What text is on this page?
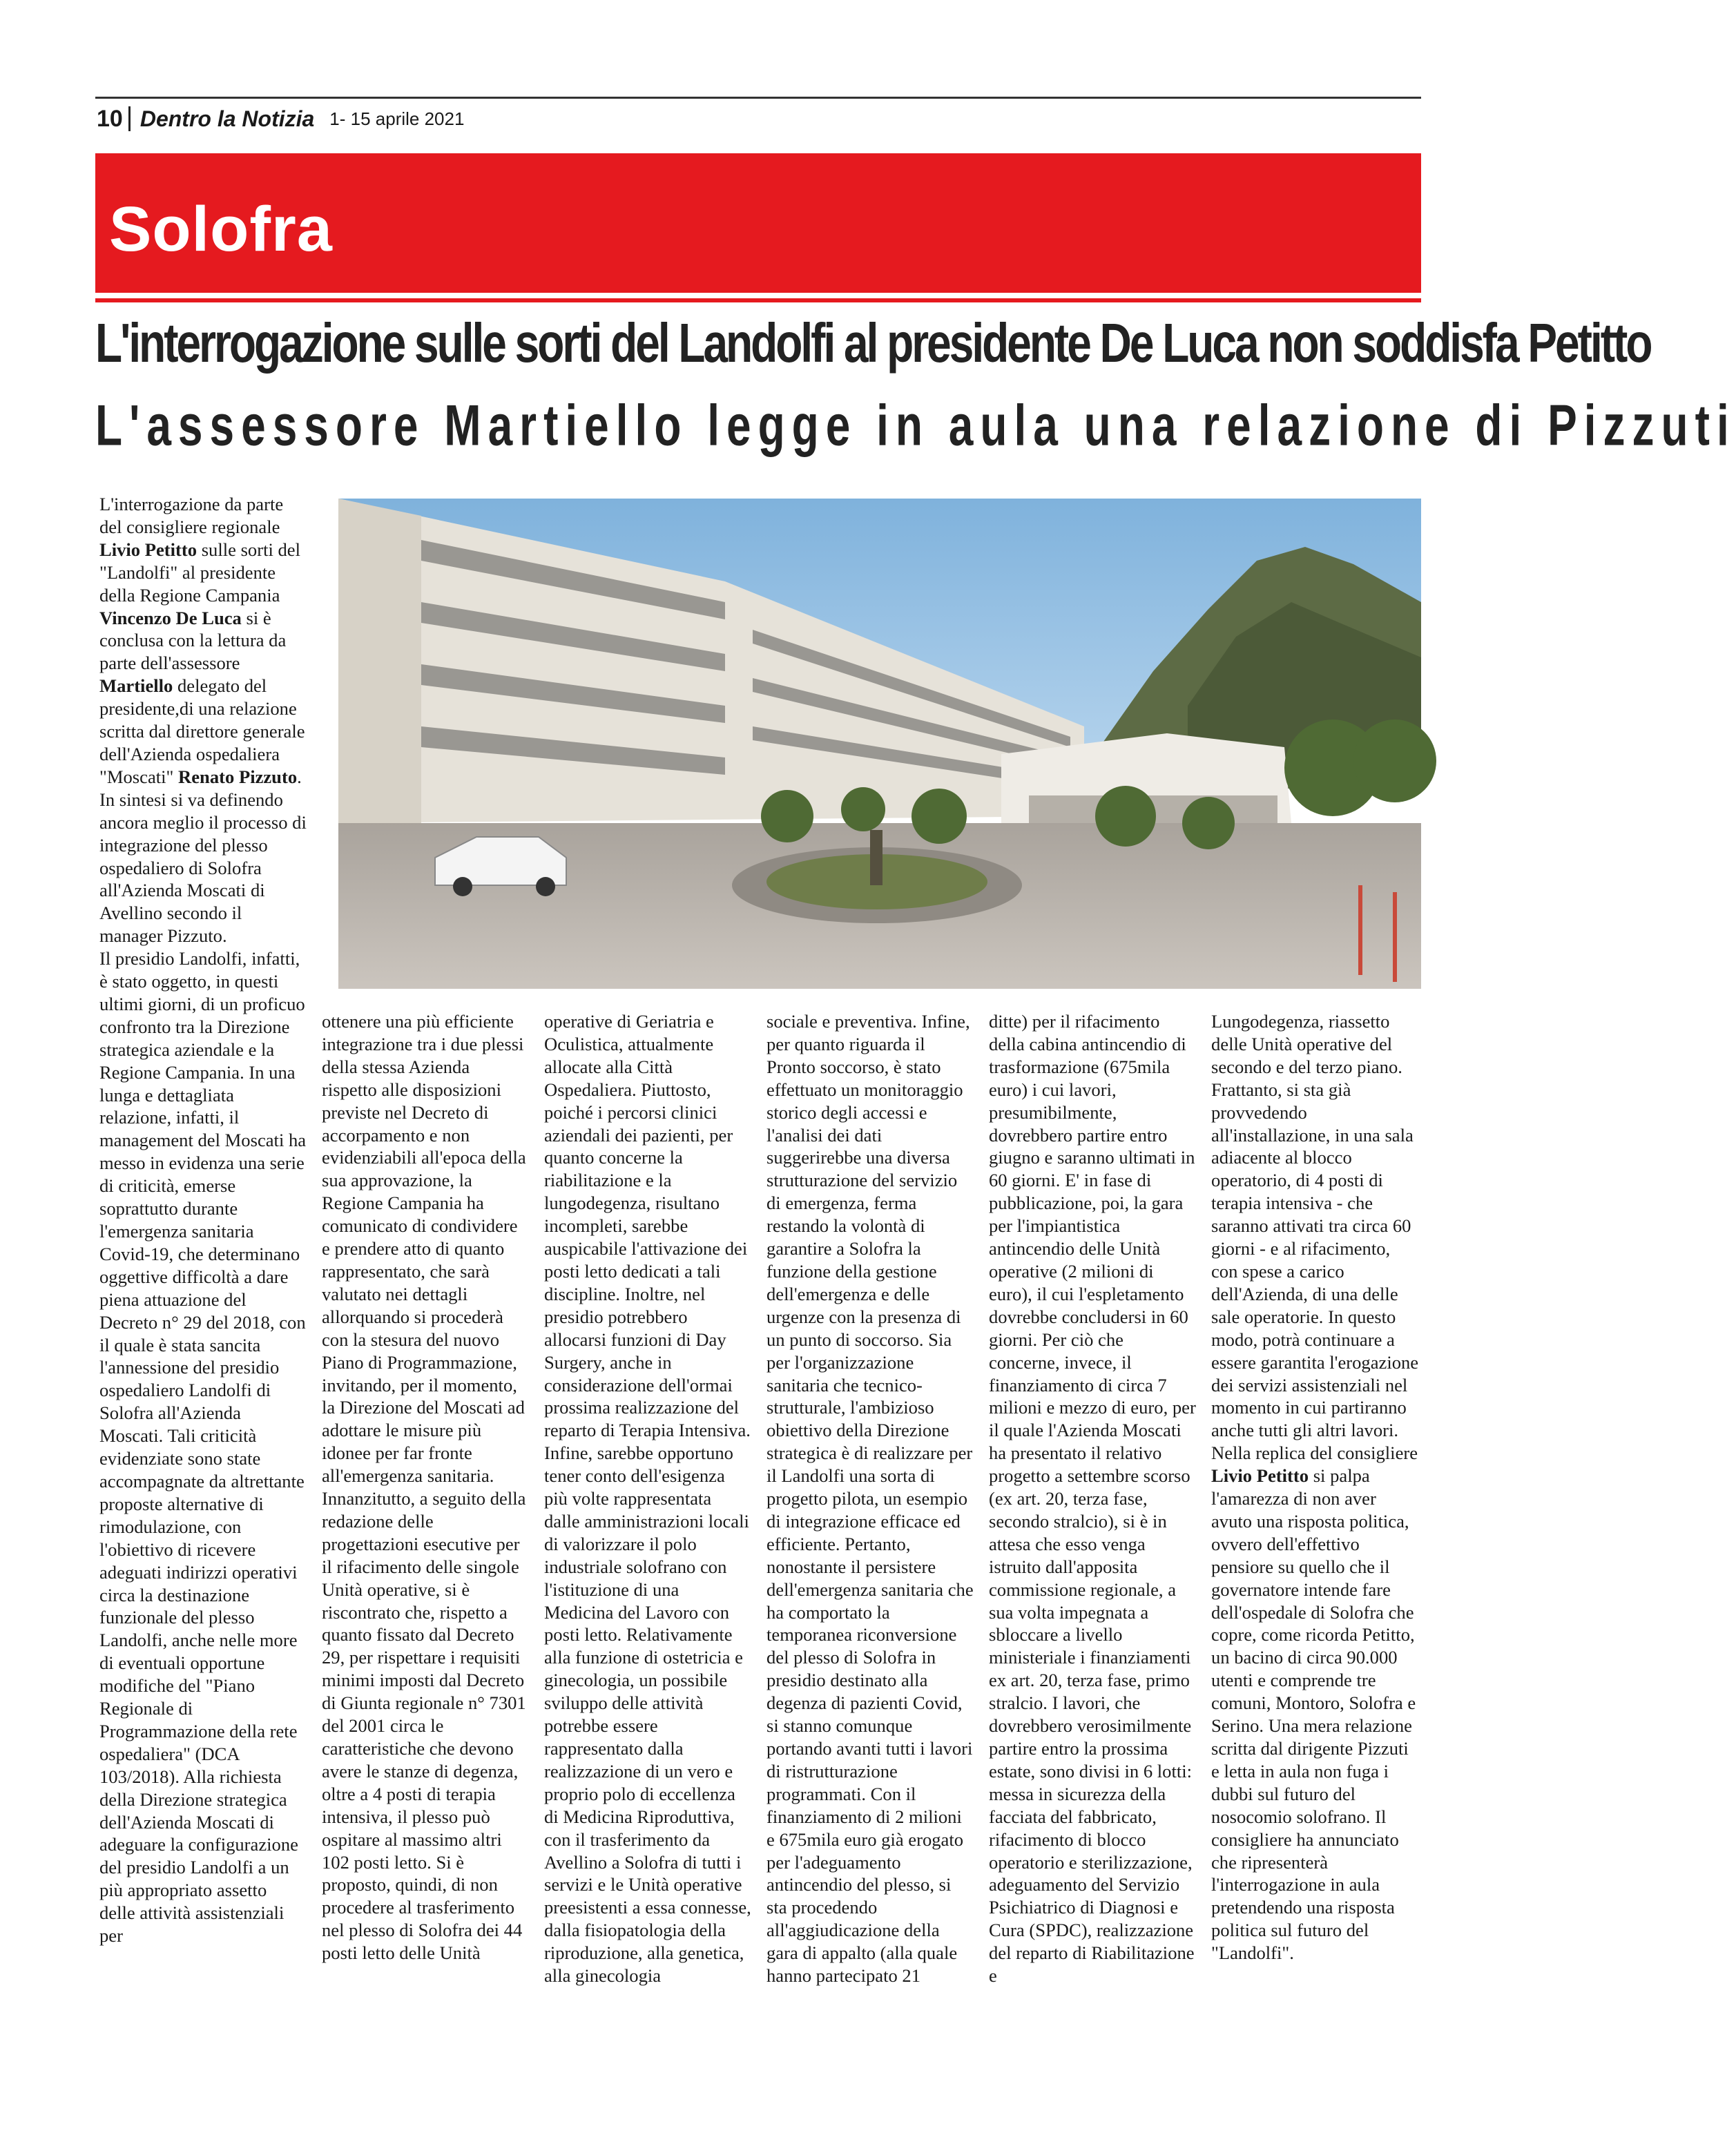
10 Dentro la Notizia 1- 15 aprile 2021
Solofra
L'interrogazione sulle sorti del Landolfi al presidente De Luca non soddisfa Petitto
L'assessore Martiello legge in aula una relazione di Pizzuti

L'interrogazione da parte del consigliere regionale Livio Petitto sulle sorti del "Landolfi" al presidente della Regione Campania Vincenzo De Luca si è conclusa con la lettura da parte dell'assessore Martiello delegato del presidente,di una relazione scritta dal direttore generale dell'Azienda ospedaliera "Moscati" Renato Pizzuto.

In sintesi si va definendo ancora meglio il processo di integrazione del plesso ospedaliero di Solofra all'Azienda Moscati di Avellino secondo il manager Pizzuto.

Il presidio Landolfi, infatti, è stato oggetto, in questi ultimi giorni, di un proficuo confronto tra la Direzione strategica aziendale e la Regione Campania. In una lunga e dettagliata relazione, infatti, il management del Moscati ha messo in evidenza una serie di criticità, emerse soprattutto durante l'emergenza sanitaria Covid-19, che determinano oggettive difficoltà a dare piena attuazione del Decreto n° 29 del 2018, con il quale è stata sancita l'annessione del presidio ospedaliero Landolfi di Solofra all'Azienda Moscati. Tali criticità evidenziate sono state accompagnate da altrettante proposte alternative di rimodulazione, con l'obiettivo di ricevere adeguati indirizzi operativi circa la destinazione funzionale del plesso Landolfi, anche nelle more di eventuali opportune modifiche del "Piano Regionale di Programmazione della rete ospedaliera" (DCA 103/2018). Alla richiesta della Direzione strategica dell'Azienda Moscati di adeguare la configurazione del presidio Landolfi a un più appropriato assetto delle attività assistenziali per

ottenere una più efficiente integrazione tra i due plessi della stessa Azienda rispetto alle disposizioni previste nel Decreto di accorpamento e non evidenziabili all'epoca della sua approvazione, la Regione Campania ha comunicato di condividere e prendere atto di quanto rappresentato, che sarà valutato nei dettagli allorquando si procederà con la stesura del nuovo Piano di Programmazione, invitando, per il momento, la Direzione del Moscati ad adottare le misure più idonee per far fronte all'emergenza sanitaria. Innanzitutto, a seguito della redazione delle progettazioni esecutive per il rifacimento delle singole Unità operative, si è riscontrato che, rispetto a quanto fissato dal Decreto 29, per rispettare i requisiti minimi imposti dal Decreto di Giunta regionale n° 7301 del 2001 circa le caratteristiche che devono avere le stanze di degenza, oltre a 4 posti di terapia intensiva, il plesso può ospitare al massimo altri 102 posti letto. Si è proposto, quindi, di non procedere al trasferimento nel plesso di Solofra dei 44 posti letto delle Unità

operative di Geriatria e Oculistica, attualmente allocate alla Città Ospedaliera. Piuttosto, poiché i percorsi clinici aziendali dei pazienti, per quanto concerne la riabilitazione e la lungodegenza, risultano incompleti, sarebbe auspicabile l'attivazione dei posti letto dedicati a tali discipline. Inoltre, nel presidio potrebbero allocarsi funzioni di Day Surgery, anche in considerazione dell'ormai prossima realizzazione del reparto di Terapia Intensiva. Infine, sarebbe opportuno tener conto dell'esigenza più volte rappresentata dalle amministrazioni locali di valorizzare il polo industriale solofrano con l'istituzione di una Medicina del Lavoro con posti letto. Relativamente alla funzione di ostetricia e ginecologia, un possibile sviluppo delle attività potrebbe essere rappresentato dalla realizzazione di un vero e proprio polo di eccellenza di Medicina Riproduttiva, con il trasferimento da Avellino a Solofra di tutti i servizi e le Unità operative preesistenti a essa connesse, dalla fisiopatologia della riproduzione, alla genetica, alla ginecologia

sociale e preventiva. Infine, per quanto riguarda il Pronto soccorso, è stato effettuato un monitoraggio storico degli accessi e l'analisi dei dati suggerirebbe una diversa strutturazione del servizio di emergenza, ferma restando la volontà di garantire a Solofra la funzione della gestione dell'emergenza e delle urgenze con la presenza di un punto di soccorso. Sia per l'organizzazione sanitaria che tecnico-strutturale, l'ambizioso obiettivo della Direzione strategica è di realizzare per il Landolfi una sorta di progetto pilota, un esempio di integrazione efficace ed efficiente. Pertanto, nonostante il persistere dell'emergenza sanitaria che ha comportato la temporanea riconversione del plesso di Solofra in presidio destinato alla degenza di pazienti Covid, si stanno comunque portando avanti tutti i lavori di ristrutturazione programmati. Con il finanziamento di 2 milioni e 675mila euro già erogato per l'adeguamento antincendio del plesso, si sta procedendo all'aggiudicazione della gara di appalto (alla quale hanno partecipato 21

ditte) per il rifacimento della cabina antincendio di trasformazione (675mila euro) i cui lavori, presumibilmente, dovrebbero partire entro giugno e saranno ultimati in 60 giorni. E' in fase di pubblicazione, poi, la gara per l'impiantistica antincendio delle Unità operative (2 milioni di euro), il cui l'espletamento dovrebbe concludersi in 60 giorni. Per ciò che concerne, invece, il finanziamento di circa 7 milioni e mezzo di euro, per il quale l'Azienda Moscati ha presentato il relativo progetto a settembre scorso (ex art. 20, terza fase, secondo stralcio), si è in attesa che esso venga istruito dall'apposita commissione regionale, a sua volta impegnata a sbloccare a livello ministeriale i finanziamenti ex art. 20, terza fase, primo stralcio. I lavori, che dovrebbero verosimilmente partire entro la prossima estate, sono divisi in 6 lotti: messa in sicurezza della facciata del fabbricato, rifacimento di blocco operatorio e sterilizzazione, adeguamento del Servizio Psichiatrico di Diagnosi e Cura (SPDC), realizzazione del reparto di Riabilitazione e

Lungodegenza, riassetto delle Unità operative del secondo e del terzo piano. Frattanto, si sta già provvedendo all'installazione, in una sala adiacente al blocco operatorio, di 4 posti di terapia intensiva - che saranno attivati tra circa 60 giorni - e al rifacimento, con spese a carico dell'Azienda, di una delle sale operatorie. In questo modo, potrà continuare a essere garantita l'erogazione dei servizi assistenziali nel momento in cui partiranno anche tutti gli altri lavori.

Nella replica del consigliere Livio Petitto si palpa l'amarezza di non aver avuto una risposta politica, ovvero dell'effettivo pensiore su quello che il governatore intende fare dell'ospedale di Solofra che copre, come ricorda Petitto, un bacino di circa 90.000 utenti e comprende tre comuni, Montoro, Solofra e Serino. Una mera relazione scritta dal dirigente Pizzuti e letta in aula non fuga i dubbi sul futuro del nosocomio solofrano. Il consigliere ha annunciato che ripresenterà l'interrogazione in aula pretendendo una risposta politica sul futuro del "Landolfi".
